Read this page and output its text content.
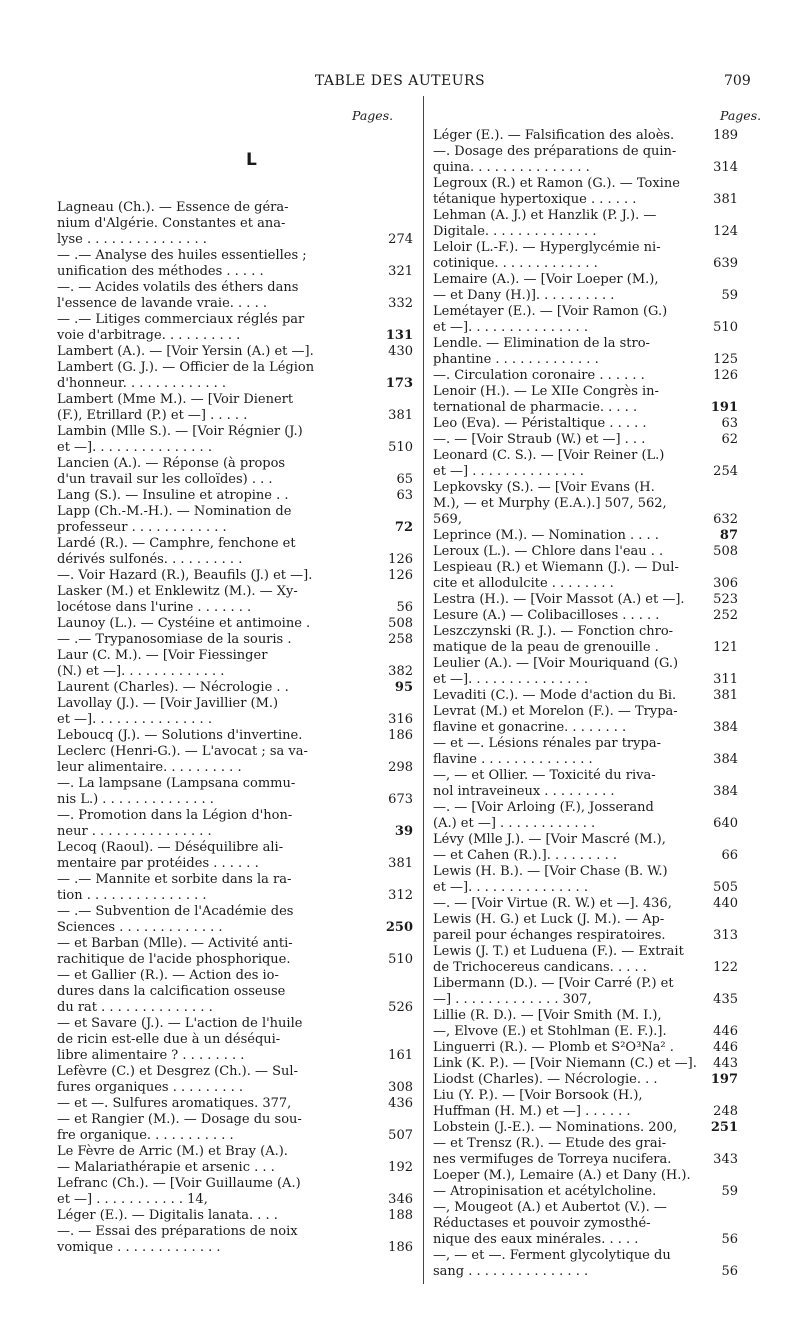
TABLE DES AUTEURS	709
Pages.	Pages.
L
Lagneau (Ch.). — Essence de géra-
nium d'Algérie. Constantes et ana-
lyse . . . . . . . . . . . . . . .	274
— .— Analyse des huiles essentielles ;
unification des méthodes . . . . .	321
—. — Acides volatils des éthers dans
l'essence de lavande vraie. . . . .	332
— .— Litiges commerciaux réglés par
voie d'arbitrage. . . . . . . . . .	131
Lambert (A.). — [Voir Yersin (A.) et —].	430
Lambert (G. J.). — Officier de la Légion
d'honneur. . . . . . . . . . . . .	173
Lambert (Mme M.). — [Voir Dienert
(F.), Etrillard (P.) et —] . . . . .	381
Lambin (Mlle S.). — [Voir Régnier (J.)
et —]. . . . . . . . . . . . . . .	510
Lancien (A.). — Réponse (à propos
d'un travail sur les colloïdes) . . .	65
Lang (S.). — Insuline et atropine . .	63
Lapp (Ch.-M.-H.). — Nomination de
professeur . . . . . . . . . . . .	72
Lardé (R.). — Camphre, fenchone et
dérivés sulfonés. . . . . . . . . .	126
—. Voir Hazard (R.), Beaufils (J.) et —].	126
Lasker (M.) et Enklewitz (M.). — Xy-
locétose dans l'urine . . . . . . .	56
Launoy (L.). — Cystéine et antimoine .	508
— .— Trypanosomiase de la souris .	258
Laur (C. M.). — [Voir Fiessinger
(N.) et —]. . . . . . . . . . . . .	382
Laurent (Charles). — Nécrologie . .	95
Lavollay (J.). — [Voir Javillier (M.)
et —]. . . . . . . . . . . . . . .	316
Leboucq (J.). — Solutions d'invertine.	186
Leclerc (Henri-G.). — L'avocat ; sa va-
leur alimentaire. . . . . . . . . .	298
—. La lampsane (Lampsana commu-
nis L.) . . . . . . . . . . . . . .	673
—. Promotion dans la Légion d'hon-
neur . . . . . . . . . . . . . . .	39
Lecoq (Raoul). — Déséquilibre ali-
mentaire par protéides . . . . . .	381
— .— Mannite et sorbite dans la ra-
tion . . . . . . . . . . . . . . .	312
— .— Subvention de l'Académie des
Sciences . . . . . . . . . . . . .	250
— et Barban (Mlle). — Activité anti-
rachitique de l'acide phosphorique.	510
— et Gallier (R.). — Action des io-
dures dans la calcification osseuse
du rat . . . . . . . . . . . . . .	526
— et Savare (J.). — L'action de l'huile
de ricin est-elle due à un déséqui-
libre alimentaire ? . . . . . . . .	161
Lefèvre (C.) et Desgrez (Ch.). — Sul-
fures organiques . . . . . . . . .	308
— et —. Sulfures aromatiques. 377,	436
— et Rangier (M.). — Dosage du sou-
fre organique. . . . . . . . . . .	507
Le Fèvre de Arric (M.) et Bray (A.).
— Malariathérapie et arsenic . . .	192
Lefranc (Ch.). — [Voir Guillaume (A.)
et —] . . . . . . . . . . . 14,	346
Léger (E.). — Digitalis lanata. . . .	188
—. — Essai des préparations de noix
vomique . . . . . . . . . . . . .	186
Léger (E.). — Falsification des aloès.	189
—. Dosage des préparations de quin-
quina. . . . . . . . . . . . . . .	314
Legroux (R.) et Ramon (G.). — Toxine
tétanique hypertoxique . . . . . .	381
Lehman (A. J.) et Hanzlik (P. J.). —
Digitale. . . . . . . . . . . . . .	124
Leloir (L.-F.). — Hyperglycémie ni-
cotinique. . . . . . . . . . . . .	639
Lemaire (A.). — [Voir Loeper (M.),
— et Dany (H.)]. . . . . . . . . .	59
Lemétayer (E.). — [Voir Ramon (G.)
et —]. . . . . . . . . . . . . . .	510
Lendle. — Elimination de la stro-
phantine . . . . . . . . . . . . .	125
—. Circulation coronaire . . . . . .	126
Lenoir (H.). — Le XIIe Congrès in-
ternational de pharmacie. . . . .	191
Leo (Eva). — Péristaltique . . . . .	63
—. — [Voir Straub (W.) et —] . . .	62
Leonard (C. S.). — [Voir Reiner (L.)
et —] . . . . . . . . . . . . . .	254
Lepkovsky (S.). — [Voir Evans (H.
M.), — et Murphy (E.A.).] 507, 562, 569,	632
Leprince (M.). — Nomination . . . .	87
Leroux (L.). — Chlore dans l'eau . .	508
Lespieau (R.) et Wiemann (J.). — Dul-
cite et allodulcite . . . . . . . .	306
Lestra (H.). — [Voir Massot (A.) et —].	523
Lesure (A.) — Colibacilloses . . . . .	252
Leszczynski (R. J.). — Fonction chro-
matique de la peau de grenouille .	121
Leulier (A.). — [Voir Mouriquand (G.)
et —]. . . . . . . . . . . . . . .	311
Levaditi (C.). — Mode d'action du Bi.	381
Levrat (M.) et Morelon (F.). — Trypa-
flavine et gonacrine. . . . . . . .	384
— et —. Lésions rénales par trypa-
flavine . . . . . . . . . . . . . .	384
—, — et Ollier. — Toxicité du riva-
nol intraveineux . . . . . . . . .	384
—. — [Voir Arloing (F.), Josserand
(A.) et —] . . . . . . . . . . . .	640
Lévy (Mlle J.). — [Voir Mascré (M.),
— et Cahen (R.).]. . . . . . . . .	66
Lewis (H. B.). — [Voir Chase (B. W.)
et —]. . . . . . . . . . . . . . .	505
—. — [Voir Virtue (R. W.) et —]. 436,	440
Lewis (H. G.) et Luck (J. M.). — Ap-
pareil pour échanges respiratoires.	313
Lewis (J. T.) et Luduena (F.). — Extrait
de Trichocereus candicans. . . . .	122
Libermann (D.). — [Voir Carré (P.) et
—] . . . . . . . . . . . . . 307,	435
Lillie (R. D.). — [Voir Smith (M. I.),
—, Elvove (E.) et Stohlman (E. F.).].	446
Linguerri (R.). — Plomb et S²O³Na² .	446
Link (K. P.). — [Voir Niemann (C.) et —].	443
Liodst (Charles). — Nécrologie. . .	197
Liu (Y. P.). — [Voir Borsook (H.),
Huffman (H. M.) et —] . . . . . .	248
Lobstein (J.-E.). — Nominations. 200,	251
— et Trensz (R.). — Etude des grai-
nes vermifuges de Torreya nucifera.	343
Loeper (M.), Lemaire (A.) et Dany (H.).
— Atropinisation et acétylcholine.	59
—, Mougeot (A.) et Aubertot (V.). —
Réductases et pouvoir zymosthé-
nique des eaux minérales. . . . .	56
—, — et —. Ferment glycolytique du
sang . . . . . . . . . . . . . . .	56
